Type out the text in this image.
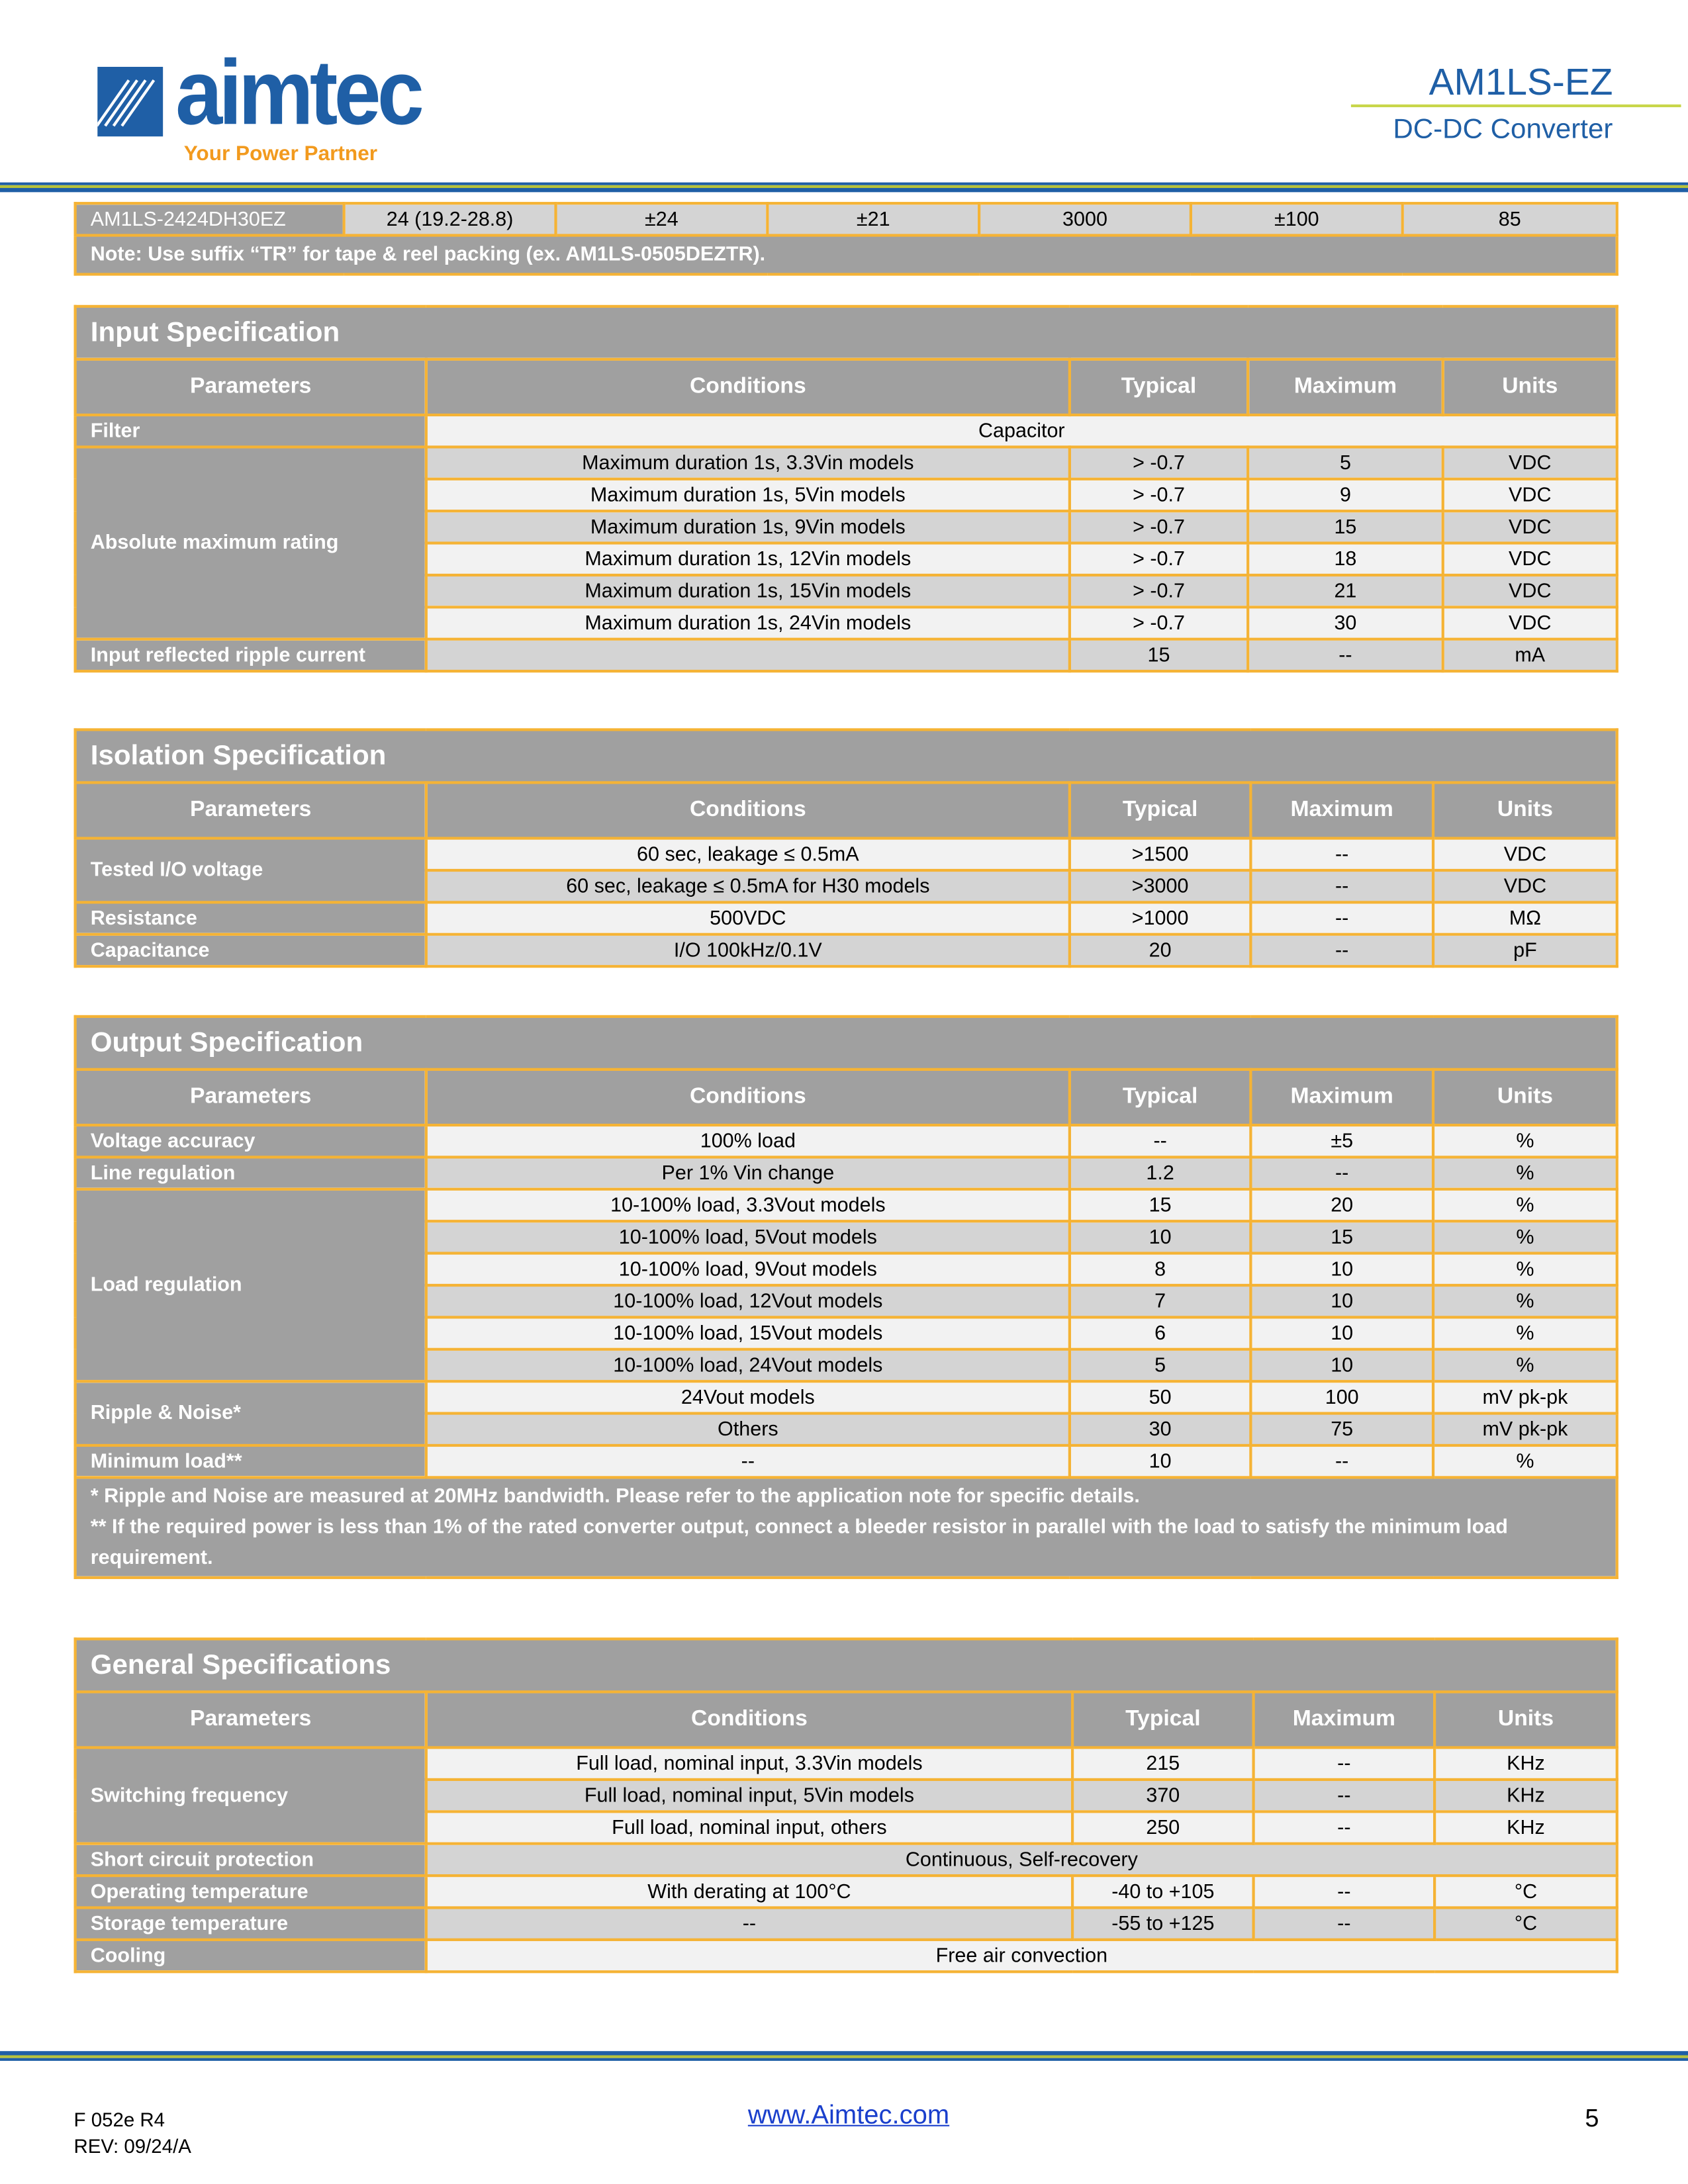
aimtec
Your Power Partner
AM1LS-EZ
DC-DC Converter
AM1LS-2424DH30EZ	24 (19.2-28.8)	±24	±21	3000	±100	85
Note: Use suffix “TR” for tape & reel packing (ex. AM1LS-0505DEZTR).
Input Specification				
Parameters	Conditions	Typical	Maximum	Units
Filter	Capacitor			
Absolute maximum rating	Maximum duration 1s, 3.3Vin models	> -0.7	5	VDC
	Maximum duration 1s, 5Vin models	> -0.7	9	VDC
	Maximum duration 1s, 9Vin models	> -0.7	15	VDC
	Maximum duration 1s, 12Vin models	> -0.7	18	VDC
	Maximum duration 1s, 15Vin models	> -0.7	21	VDC
	Maximum duration 1s, 24Vin models	> -0.7	30	VDC
Input reflected ripple current		15	--	mA
Isolation Specification				
Parameters	Conditions	Typical	Maximum	Units
Tested I/O voltage	60 sec, leakage ≤ 0.5mA	>1500	--	VDC
	60 sec, leakage ≤ 0.5mA for H30 models	>3000	--	VDC
Resistance	500VDC	>1000	--	MΩ
Capacitance	I/O 100kHz/0.1V	20	--	pF
Output Specification				
Parameters	Conditions	Typical	Maximum	Units
Voltage accuracy	100% load	--	±5	%
Line regulation	Per 1% Vin change	1.2	--	%
Load regulation	10-100% load, 3.3Vout models	15	20	%
	10-100% load, 5Vout models	10	15	%
	10-100% load, 9Vout models	8	10	%
	10-100% load, 12Vout models	7	10	%
	10-100% load, 15Vout models	6	10	%
	10-100% load, 24Vout models	5	10	%
Ripple & Noise*	24Vout models	50	100	mV pk-pk
	Others	30	75	mV pk-pk
Minimum load**	--	10	--	%

* Ripple and Noise are measured at 20MHz bandwidth. Please refer to the application note for specific details.
** If the required power is less than 1% of the rated converter output, connect a bleeder resistor in parallel with the load to satisfy the minimum load requirement.				
General Specifications				
Parameters	Conditions	Typical	Maximum	Units
Switching frequency	Full load, nominal input, 3.3Vin models	215	--	KHz
	Full load, nominal input, 5Vin models	370	--	KHz
	Full load, nominal input, others	250	--	KHz
Short circuit protection	Continuous, Self-recovery			
Operating temperature	With derating at 100°C	-40 to +105	--	°C
Storage temperature	--	-55 to +125	--	°C
Cooling	Free air convection			
F 052e R4
REV: 09/24/A
www.Aimtec.com	5
